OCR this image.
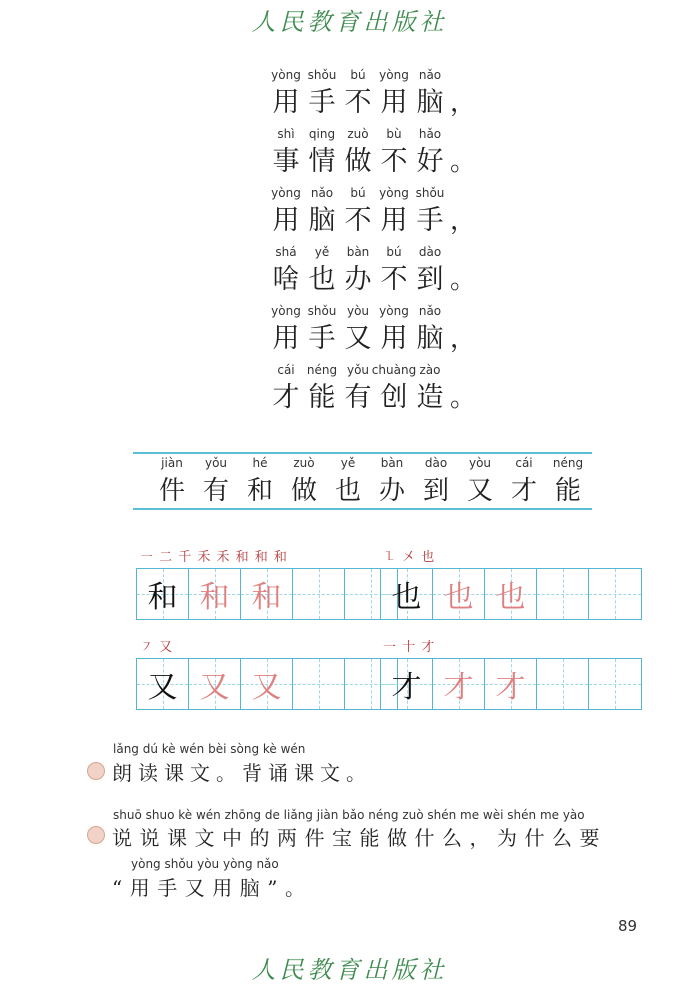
人民教育出版社
yòng
用
shǒu
手
bú
不
yòng
用
nǎo
脑 ，
shì
事
qing
情
zuò
做
bù
不
hǎo
好 。
yòng
用
nǎo
脑
bú
不
yòng
用
shǒu
手 ，
shá
啥
yě
也
bàn
办
bú
不
dào
到 。
yòng
用
shǒu
手
yòu
又
yòng
用
nǎo
脑 ，
cái
才
néng
能
yǒu
有
chuàng
创
zào
造 。
jiàn
件
yǒu
有
hé
和
zuò
做
yě
也
bàn
办
dào
到
yòu
又
cái
才
néng
能
㇐ 二 千 禾 禾 和 和 和
和 和 和
㇅ 㐅 也
也 也 也
㇇ 又
又 又 又
一 十 才
才 才 才
lǎng dú kè wén bèi sòng kè wén
朗读课文。背诵课文。
shuō shuo kè wén zhōng de liǎng jiàn bǎo néng zuò shén me wèi shén me yào
说说课文中的两件宝能做什么，为什么要
yòng shǒu yòu yòng nǎo
“用手又用脑”。
89
人民教育出版社
